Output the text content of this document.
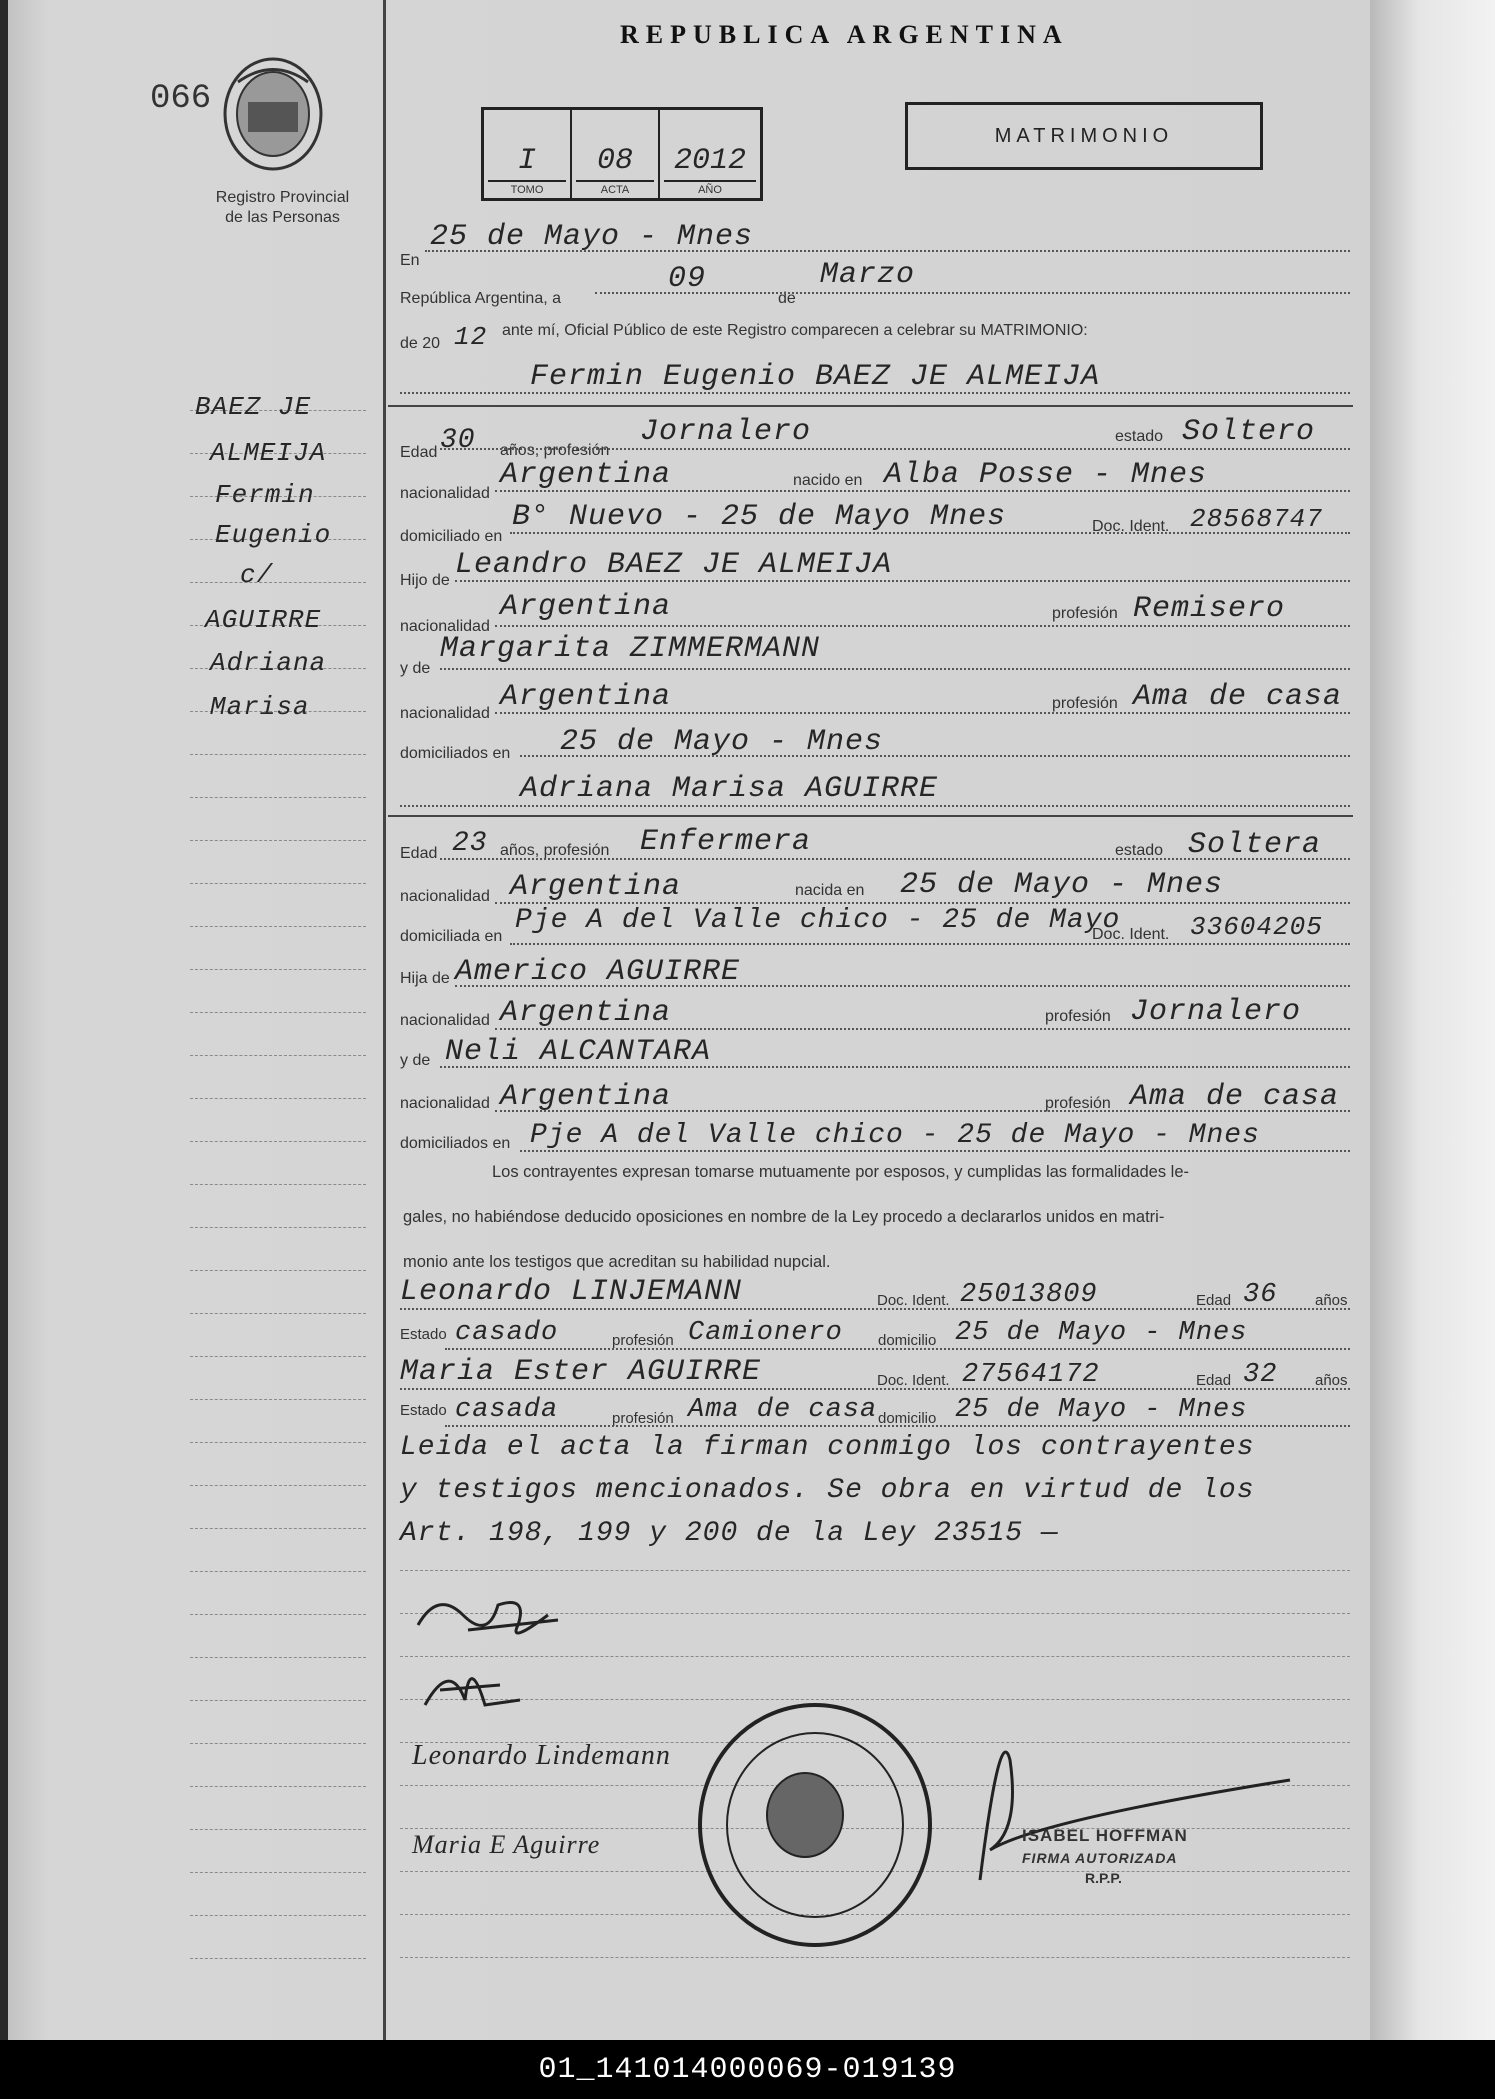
REPUBLICA ARGENTINA
MATRIMONIO
066
Registro Provincial
de las Personas
I
TOMO
08
ACTA
2012
AÑO
BAEZ JE
ALMEIJA
Fermin
Eugenio
c/
AGUIRRE
Adriana
Marisa
En
25 de Mayo - Mnes
República Argentina, a
09
de
Marzo
de 20 12 ante mí, Oficial Público de este Registro comparecen a celebrar su MATRIMONIO:
Fermin Eugenio BAEZ JE ALMEIJA
Edad 30 años, profesión
Jornalero	estado Soltero
nacionalidad
Argentina	nacido en Alba Posse - Mnes
domiciliado en
B° Nuevo - 25 de Mayo Mnes	Doc. Ident. 28568747
Hijo de Leandro BAEZ JE ALMEIJA
nacionalidad
Argentina	profesión Remisero
y de
Margarita ZIMMERMANN
nacionalidad Argentina	profesión Ama de casa
domiciliados en 25 de Mayo - Mnes
Adriana Marisa AGUIRRE
Edad 23 años, profesión Enfermera	estado Soltera
nacionalidad Argentina	nacida en 25 de Mayo - Mnes
domiciliada en
Pje A del Valle chico - 25 de Mayo
Doc. Ident. 33604205
Hija de Americo AGUIRRE
nacionalidad Argentina	profesión Jornalero
y de Neli ALCANTARA
nacionalidad Argentina	profesión Ama de casa
domiciliados en Pje A del Valle chico - 25 de Mayo - Mnes
Los contrayentes expresan tomarse mutuamente por esposos, y cumplidas las formalidades le-
gales, no habiéndose deducido oposiciones en nombre de la Ley procedo a declararlos unidos en matri-
monio ante los testigos que acreditan su habilidad nupcial.
Leonardo LINJEMANN	Doc. Ident. 25013809	Edad 36	años
Estado casado	profesión Camionero domicilio 25 de Mayo - Mnes
Maria Ester AGUIRRE	Doc. Ident. 27564172	Edad 32	años
Estado casada	profesión Ama de casa domicilio 25 de Mayo - Mnes
Leida el acta la firman conmigo los contrayentes
y testigos mencionados. Se obra en virtud de los
Art. 198, 199 y 200 de la Ley 23515 —
Leonardo Lindemann
Maria E Aguirre	ISABEL HOFFMAN
FIRMA AUTORIZADA
R.P.P.
01_141014000069-019139
